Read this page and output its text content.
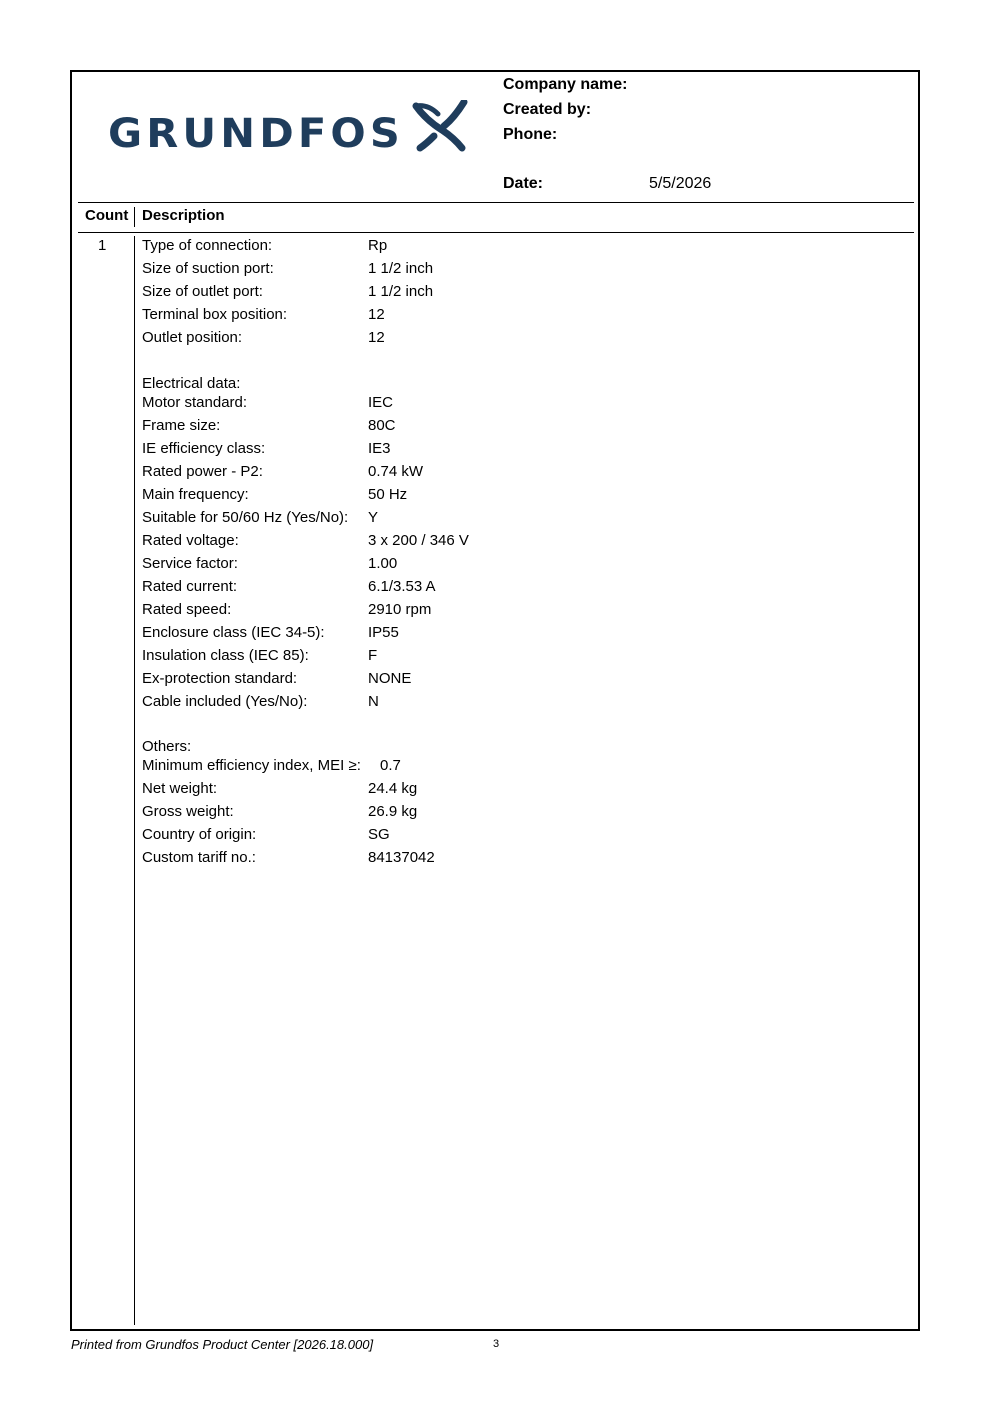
GRUNDFOS
Company name:
Created by:
Phone:
Date:	5/5/2026
Count Description
1 Type of connection:	Rp
Size of suction port:	1 1/2 inch
Size of outlet port:	1 1/2 inch
Terminal box position:	12
Outlet position:	12
Electrical data:
Motor standard:	IEC
Frame size:	80C
IE efficiency class:	IE3
Rated power - P2:	0.74 kW
Main frequency:	50 Hz
Suitable for 50/60 Hz (Yes/No): Y
Rated voltage:	3 x 200 / 346 V
Service factor:	1.00
Rated current:	6.1/3.53 A
Rated speed:	2910 rpm
Enclosure class (IEC 34-5):	IP55
Insulation class (IEC 85):	F
Ex-protection standard:	NONE
Cable included (Yes/No):	N
Others:
Minimum efficiency index, MEI ≥: 0.7
Net weight:	24.4 kg
Gross weight:	26.9 kg
Country of origin:	SG
Custom tariff no.:	84137042
Printed from Grundfos Product Center [2026.18.000]	3
